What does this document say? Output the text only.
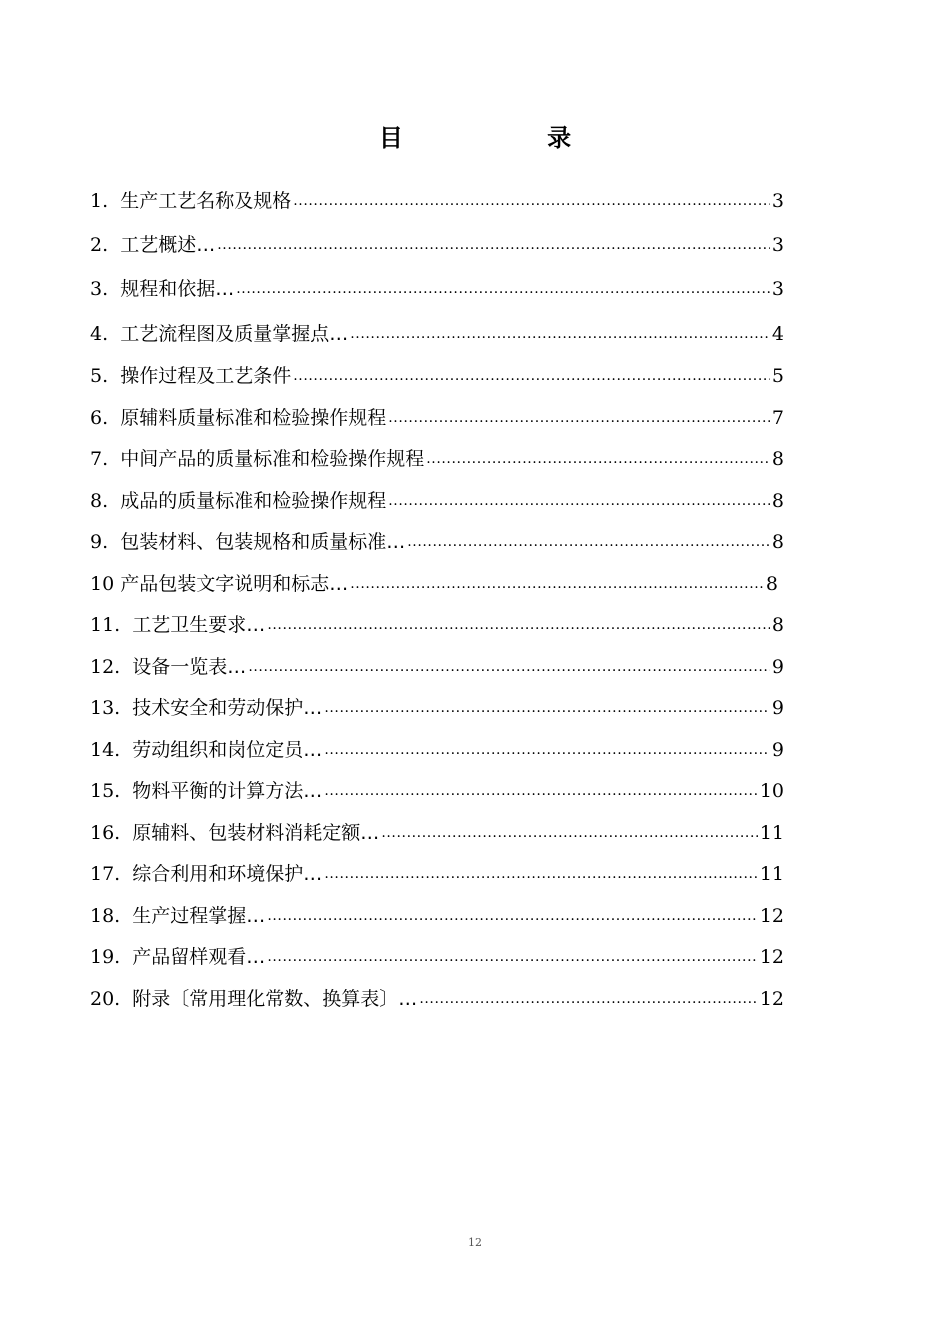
目 录
1. 生产工艺名称及规格 .....	3
2. 工艺概述… .....	3
3. 规程和依据… .....	3
4. 工艺流程图及质量掌握点… .....	4
5. 操作过程及工艺条件 .....	5
6. 原辅料质量标准和检验操作规程 .....	7
7. 中间产品的质量标准和检验操作规程 .....	8
8. 成品的质量标准和检验操作规程 .....	8
9. 包装材料、包装规格和质量标准… .....	8
10 产品包装文字说明和标志… .....	8
11. 工艺卫生要求… .....	8
12. 设备一览表… .....	9
13. 技术安全和劳动保护… .....	9
14. 劳动组织和岗位定员… .....	9
15. 物料平衡的计算方法… .....	10
16. 原辅料、包装材料消耗定额… .....	11
17. 综合利用和环境保护… .....	11
18. 生产过程掌握… .....	12
19. 产品留样观看… .....	12
20. 附录〔常用理化常数、换算表〕… .....	12
12
